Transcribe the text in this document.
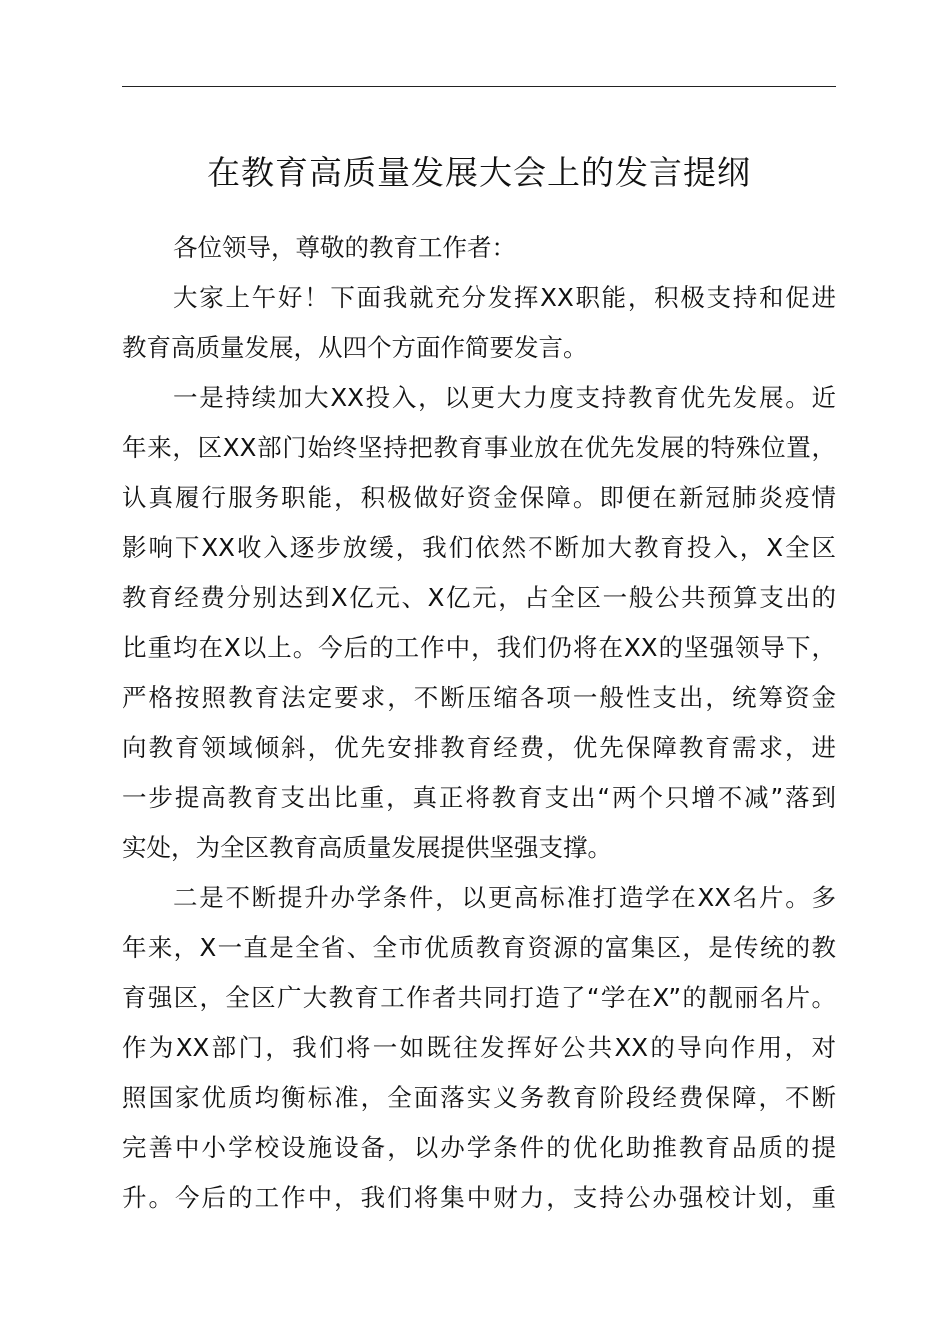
在教育高质量发展大会上的发言提纲

各位领导，尊敬的教育工作者：

大家上午好！下面我就充分发挥XX职能，积极支持和促进

教育高质量发展，从四个方面作简要发言。

一是持续加大XX投入，以更大力度支持教育优先发展。近

年来，区XX部门始终坚持把教育事业放在优先发展的特殊位置，

认真履行服务职能，积极做好资金保障。即便在新冠肺炎疫情

影响下XX收入逐步放缓，我们依然不断加大教育投入，X全区

教育经费分别达到X亿元、X亿元，占全区一般公共预算支出的

比重均在X以上。今后的工作中，我们仍将在XX的坚强领导下，

严格按照教育法定要求，不断压缩各项一般性支出，统筹资金

向教育领域倾斜，优先安排教育经费，优先保障教育需求，进

一步提高教育支出比重，真正将教育支出“两个只增不减”落到

实处，为全区教育高质量发展提供坚强支撑。

二是不断提升办学条件，以更高标准打造学在XX名片。多

年来，X一直是全省、全市优质教育资源的富集区，是传统的教

育强区，全区广大教育工作者共同打造了“学在X”的靓丽名片。

作为XX部门，我们将一如既往发挥好公共XX的导向作用，对

照国家优质均衡标准，全面落实义务教育阶段经费保障，不断

完善中小学校设施设备，以办学条件的优化助推教育品质的提

升。今后的工作中，我们将集中财力，支持公办强校计划，重
